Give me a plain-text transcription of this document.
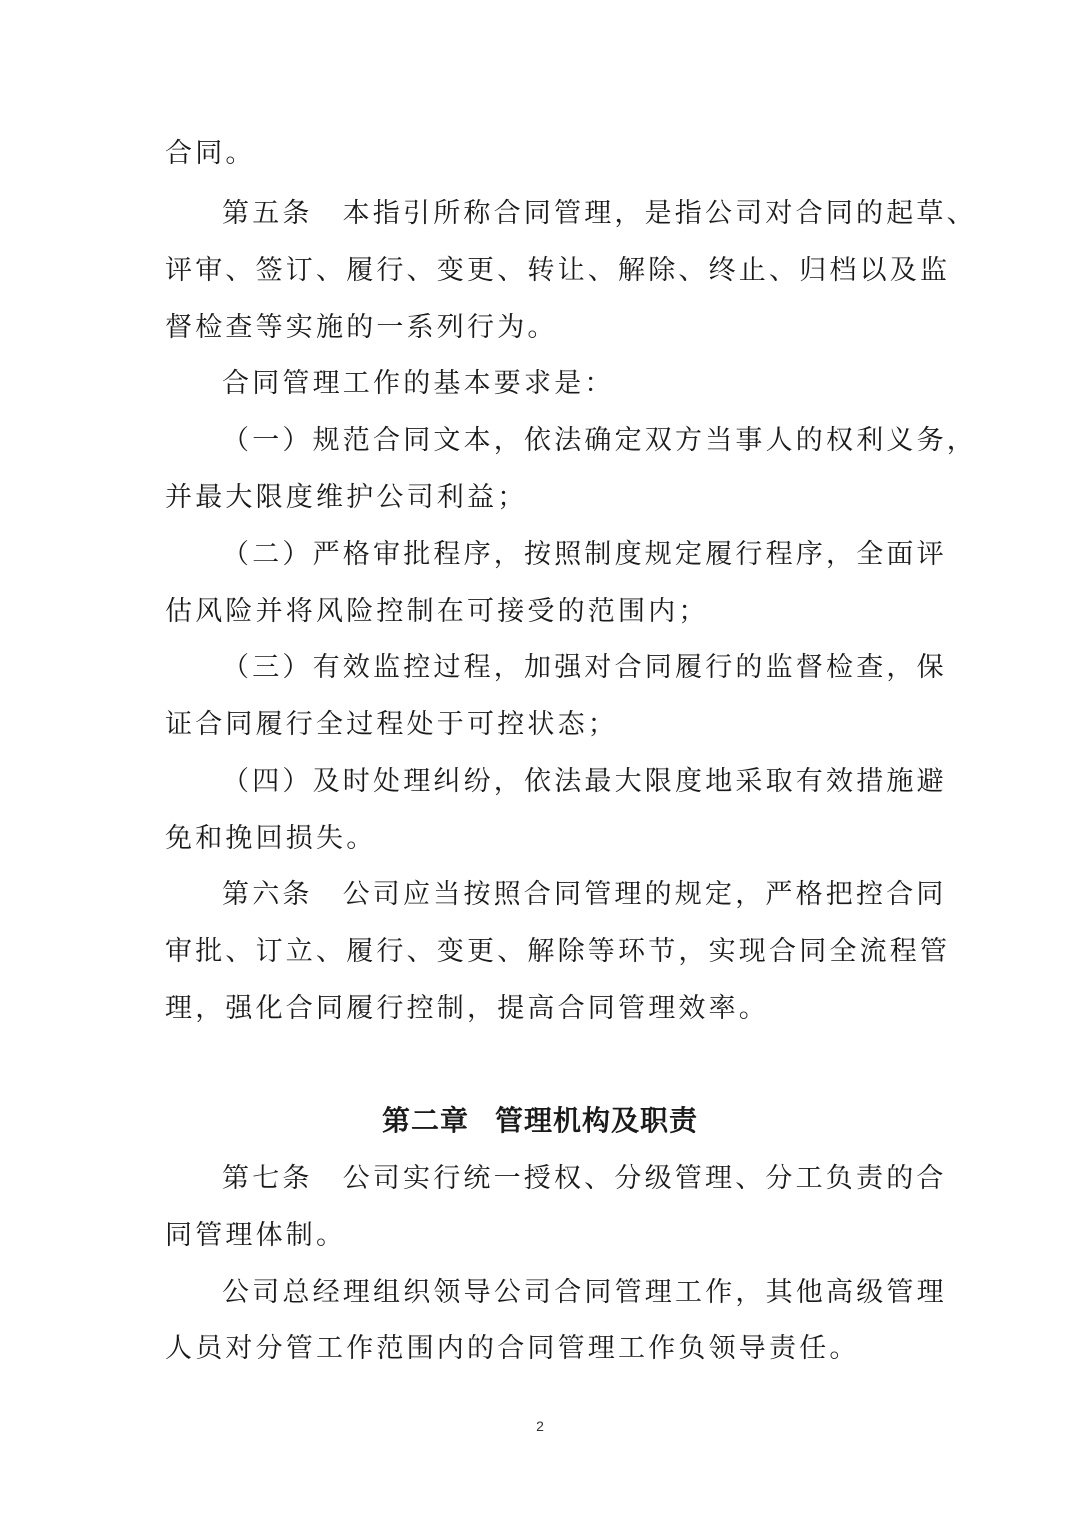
合同。
第五条 本指引所称合同管理，是指公司对合同的起草、
评审、签订、履行、变更、转让、解除、终止、归档以及监
督检查等实施的一系列行为。
合同管理工作的基本要求是：
（一）规范合同文本，依法确定双方当事人的权利义务，
并最大限度维护公司利益；
（二）严格审批程序，按照制度规定履行程序，全面评
估风险并将风险控制在可接受的范围内；
（三）有效监控过程，加强对合同履行的监督检查，保
证合同履行全过程处于可控状态；
（四）及时处理纠纷，依法最大限度地采取有效措施避
免和挽回损失。
第六条 公司应当按照合同管理的规定，严格把控合同
审批、订立、履行、变更、解除等环节，实现合同全流程管
理，强化合同履行控制，提高合同管理效率。
第二章 管理机构及职责
第七条 公司实行统一授权、分级管理、分工负责的合
同管理体制。
公司总经理组织领导公司合同管理工作，其他高级管理
人员对分管工作范围内的合同管理工作负领导责任。
2
